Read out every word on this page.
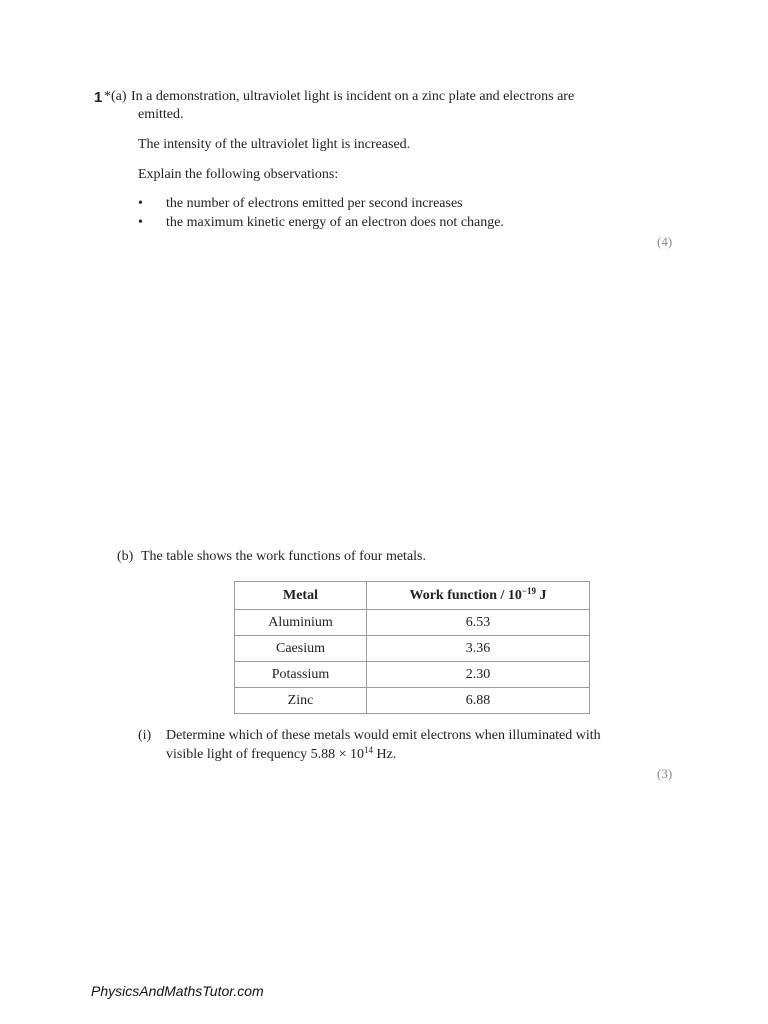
1 *(a) In a demonstration, ultraviolet light is incident on a zinc plate and electrons are
emitted.
The intensity of the ultraviolet light is increased.
Explain the following observations:
• the number of electrons emitted per second increases
• the maximum kinetic energy of an electron does not change.
(4)
(b) The table shows the work functions of four metals.
Metal	Work function / $10^{-19}$ J
Aluminium	6.53
Caesium	3.36
Potassium	2.30
Zinc	6.88
(i) Determine which of these metals would emit electrons when illuminated with
visible light of frequency $5.88 \times 10^{14}$ Hz.
(3)
PhysicsAndMathsTutor.com
